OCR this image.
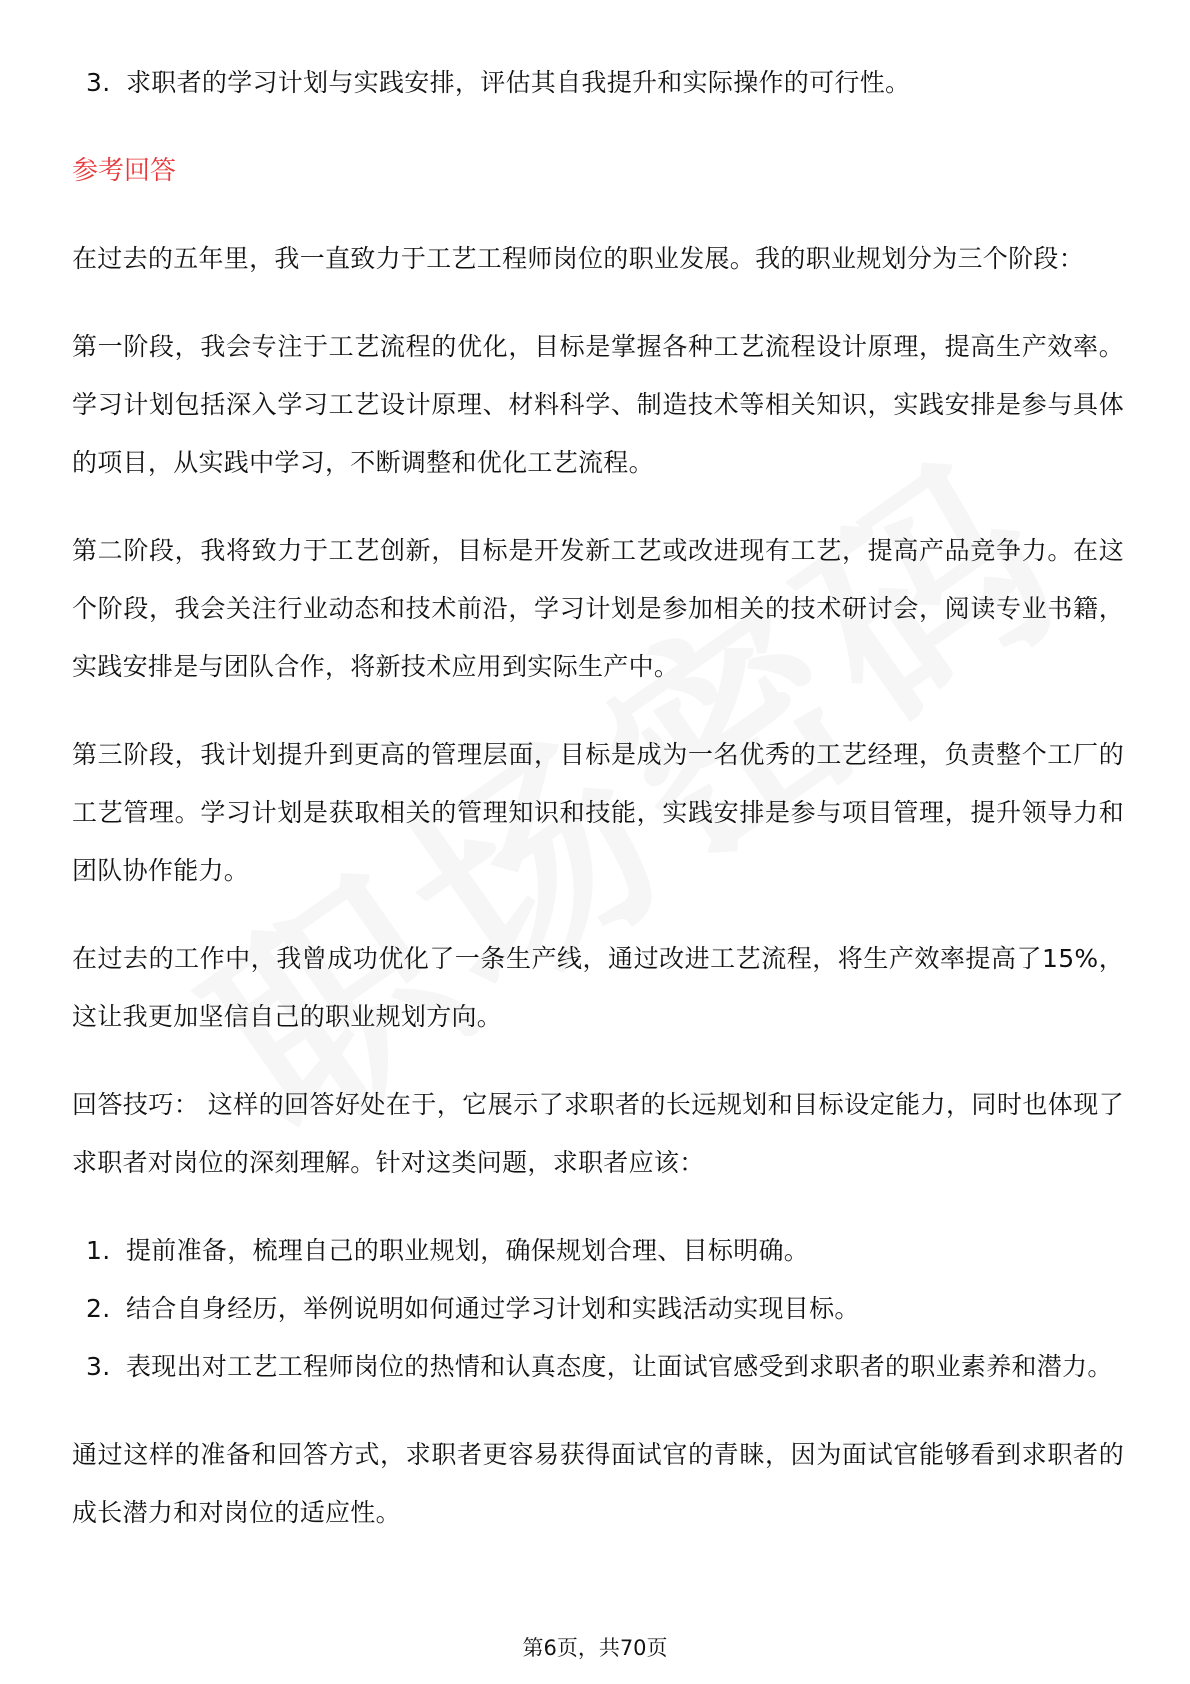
3. 求职者的学习计划与实践安排，评估其自我提升和实际操作的可行性。
参考回答

在过去的五年里，我一直致力于工艺工程师岗位的职业发展。我的职业规划分为三个阶段：

第一阶段，我会专注于工艺流程的优化，目标是掌握各种工艺流程设计原理，提高生产效率。学习计划包括深入学习工艺设计原理、材料科学、制造技术等相关知识，实践安排是参与具体的项目，从实践中学习，不断调整和优化工艺流程。

第二阶段，我将致力于工艺创新，目标是开发新工艺或改进现有工艺，提高产品竞争力。在这个阶段，我会关注行业动态和技术前沿，学习计划是参加相关的技术研讨会，阅读专业书籍，实践安排是与团队合作，将新技术应用到实际生产中。

第三阶段，我计划提升到更高的管理层面，目标是成为一名优秀的工艺经理，负责整个工厂的工艺管理。学习计划是获取相关的管理知识和技能，实践安排是参与项目管理，提升领导力和团队协作能力。

在过去的工作中，我曾成功优化了一条生产线，通过改进工艺流程，将生产效率提高了15%，这让我更加坚信自己的职业规划方向。

回答技巧： 这样的回答好处在于，它展示了求职者的长远规划和目标设定能力，同时也体现了求职者对岗位的深刻理解。针对这类问题，求职者应该：

1. 提前准备，梳理自己的职业规划，确保规划合理、目标明确。
2. 结合自身经历，举例说明如何通过学习计划和实践活动实现目标。
3. 表现出对工艺工程师岗位的热情和认真态度，让面试官感受到求职者的职业素养和潜力。

通过这样的准备和回答方式，求职者更容易获得面试官的青睐，因为面试官能够看到求职者的成长潜力和对岗位的适应性。

第6页，共70页
